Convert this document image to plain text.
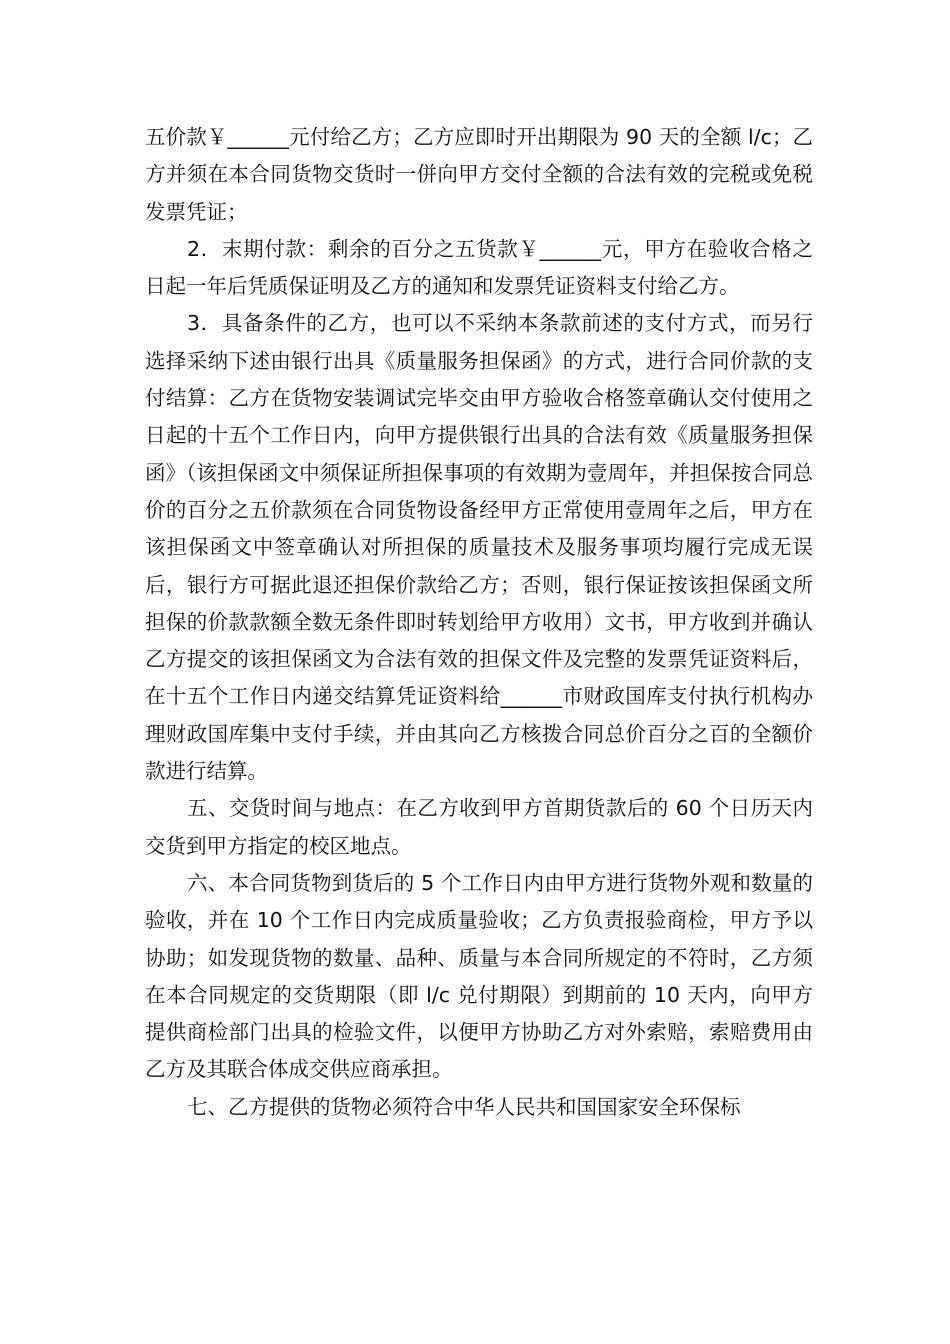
五价款￥______元付给乙方；乙方应即时开出期限为 90 天的全额 l/c；乙方并须在本合同货物交货时一併向甲方交付全额的合法有效的完税或免税发票凭证；

2．末期付款：剩余的百分之五货款￥______元，甲方在验收合格之日起一年后凭质保证明及乙方的通知和发票凭证资料支付给乙方。

3．具备条件的乙方，也可以不采纳本条款前述的支付方式，而另行选择采纳下述由银行出具《质量服务担保函》的方式，进行合同价款的支付结算：乙方在货物安装调试完毕交由甲方验收合格签章确认交付使用之日起的十五个工作日内，向甲方提供银行出具的合法有效《质量服务担保函》（该担保函文中须保证所担保事项的有效期为壹周年，并担保按合同总价的百分之五价款须在合同货物设备经甲方正常使用壹周年之后，甲方在该担保函文中签章确认对所担保的质量技术及服务事项均履行完成无误后，银行方可据此退还担保价款给乙方；否则，银行保证按该担保函文所担保的价款款额全数无条件即时转划给甲方收用）文书，甲方收到并确认乙方提交的该担保函文为合法有效的担保文件及完整的发票凭证资料后，在十五个工作日内递交结算凭证资料给______市财政国库支付执行机构办理财政国库集中支付手续，并由其向乙方核拨合同总价百分之百的全额价款进行结算。

五、交货时间与地点：在乙方收到甲方首期货款后的 60 个日历天内交货到甲方指定的校区地点。

六、本合同货物到货后的 5 个工作日内由甲方进行货物外观和数量的验收，并在 10 个工作日内完成质量验收；乙方负责报验商检，甲方予以协助；如发现货物的数量、品种、质量与本合同所规定的不符时，乙方须在本合同规定的交货期限（即 l/c 兑付期限）到期前的 10 天内，向甲方提供商检部门出具的检验文件，以便甲方协助乙方对外索赔，索赔费用由乙方及其联合体成交供应商承担。

七、乙方提供的货物必须符合中华人民共和国国家安全环保标
